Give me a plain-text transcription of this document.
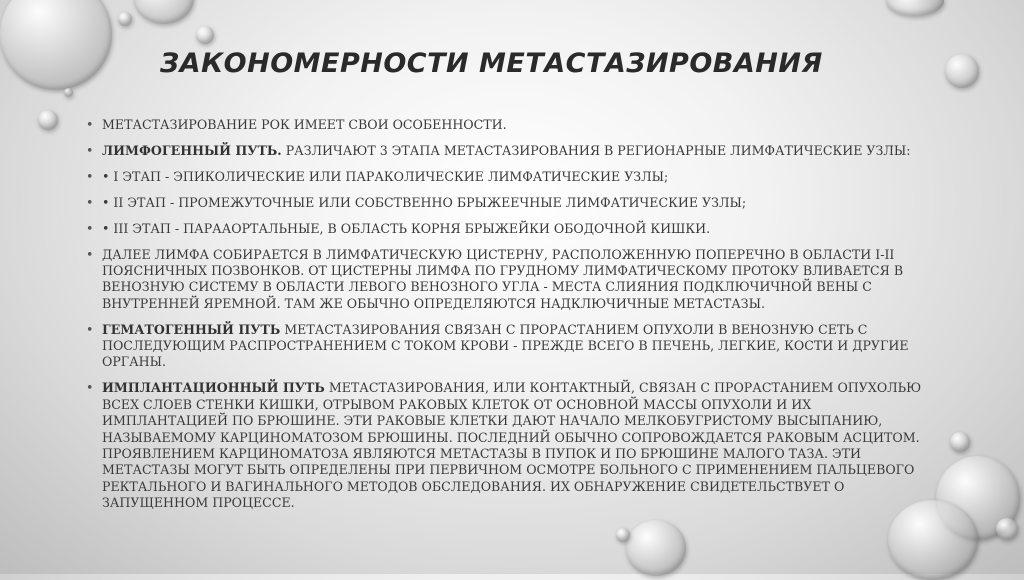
ЗАКОНОМЕРНОСТИ МЕТАСТАЗИРОВАНИЯ
• МЕТАСТАЗИРОВАНИЕ РОК ИМЕЕТ СВОИ ОСОБЕННОСТИ.
• ЛИМФОГЕННЫЙ ПУТЬ. РАЗЛИЧАЮТ 3 ЭТАПА МЕТАСТАЗИРОВАНИЯ В РЕГИОНАРНЫЕ ЛИМФАТИЧЕСКИЕ УЗЛЫ:
• • I ЭТАП - ЭПИКОЛИЧЕСКИЕ ИЛИ ПАРАКОЛИЧЕСКИЕ ЛИМФАТИЧЕСКИЕ УЗЛЫ;
• • II ЭТАП - ПРОМЕЖУТОЧНЫЕ ИЛИ СОБСТВЕННО БРЫЖЕЕЧНЫЕ ЛИМФАТИЧЕСКИЕ УЗЛЫ;
• • III ЭТАП - ПАРААОРТАЛЬНЫЕ, В ОБЛАСТЬ КОРНЯ БРЫЖЕЙКИ ОБОДОЧНОЙ КИШКИ.
• ДАЛЕЕ ЛИМФА СОБИРАЕТСЯ В ЛИМФАТИЧЕСКУЮ ЦИСТЕРНУ, РАСПОЛОЖЕННУЮ ПОПЕРЕЧНО В ОБЛАСТИ I-II ПОЯСНИЧНЫХ ПОЗВОНКОВ. ОТ ЦИСТЕРНЫ ЛИМФА ПО ГРУДНОМУ ЛИМФАТИЧЕСКОМУ ПРОТОКУ ВЛИВАЕТСЯ В ВЕНОЗНУЮ СИСТЕМУ В ОБЛАСТИ ЛЕВОГО ВЕНОЗНОГО УГЛА - МЕСТА СЛИЯНИЯ ПОДКЛЮЧИЧНОЙ ВЕНЫ С ВНУТРЕННЕЙ ЯРЕМНОЙ. ТАМ ЖЕ ОБЫЧНО ОПРЕДЕЛЯЮТСЯ НАДКЛЮЧИЧНЫЕ МЕТАСТАЗЫ.
• ГЕМАТОГЕННЫЙ ПУТЬ МЕТАСТАЗИРОВАНИЯ СВЯЗАН С ПРОРАСТАНИЕМ ОПУХОЛИ В ВЕНОЗНУЮ СЕТЬ С ПОСЛЕДУЮЩИМ РАСПРОСТРАНЕНИЕМ С ТОКОМ КРОВИ - ПРЕЖДЕ ВСЕГО В ПЕЧЕНЬ, ЛЕГКИЕ, КОСТИ И ДРУГИЕ ОРГАНЫ.
• ИМПЛАНТАЦИОННЫЙ ПУТЬ МЕТАСТАЗИРОВАНИЯ, ИЛИ КОНТАКТНЫЙ, СВЯЗАН С ПРОРАСТАНИЕМ ОПУХОЛЬЮ ВСЕХ СЛОЕВ СТЕНКИ КИШКИ, ОТРЫВОМ РАКОВЫХ КЛЕТОК ОТ ОСНОВНОЙ МАССЫ ОПУХОЛИ И ИХ ИМПЛАНТАЦИЕЙ ПО БРЮШИНЕ. ЭТИ РАКОВЫЕ КЛЕТКИ ДАЮТ НАЧАЛО МЕЛКОБУГРИСТОМУ ВЫСЫПАНИЮ, НАЗЫВАЕМОМУ КАРЦИНОМАТОЗОМ БРЮШИНЫ. ПОСЛЕДНИЙ ОБЫЧНО СОПРОВОЖДАЕТСЯ РАКОВЫМ АСЦИТОМ. ПРОЯВЛЕНИЕМ КАРЦИНОМАТОЗА ЯВЛЯЮТСЯ МЕТАСТАЗЫ В ПУПОК И ПО БРЮШИНЕ МАЛОГО ТАЗА. ЭТИ МЕТАСТАЗЫ МОГУТ БЫТЬ ОПРЕДЕЛЕНЫ ПРИ ПЕРВИЧНОМ ОСМОТРЕ БОЛЬНОГО С ПРИМЕНЕНИЕМ ПАЛЬЦЕВОГО РЕКТАЛЬНОГО И ВАГИНАЛЬНОГО МЕТОДОВ ОБСЛЕДОВАНИЯ. ИХ ОБНАРУЖЕНИЕ СВИДЕТЕЛЬСТВУЕТ О ЗАПУЩЕННОМ ПРОЦЕССЕ.
